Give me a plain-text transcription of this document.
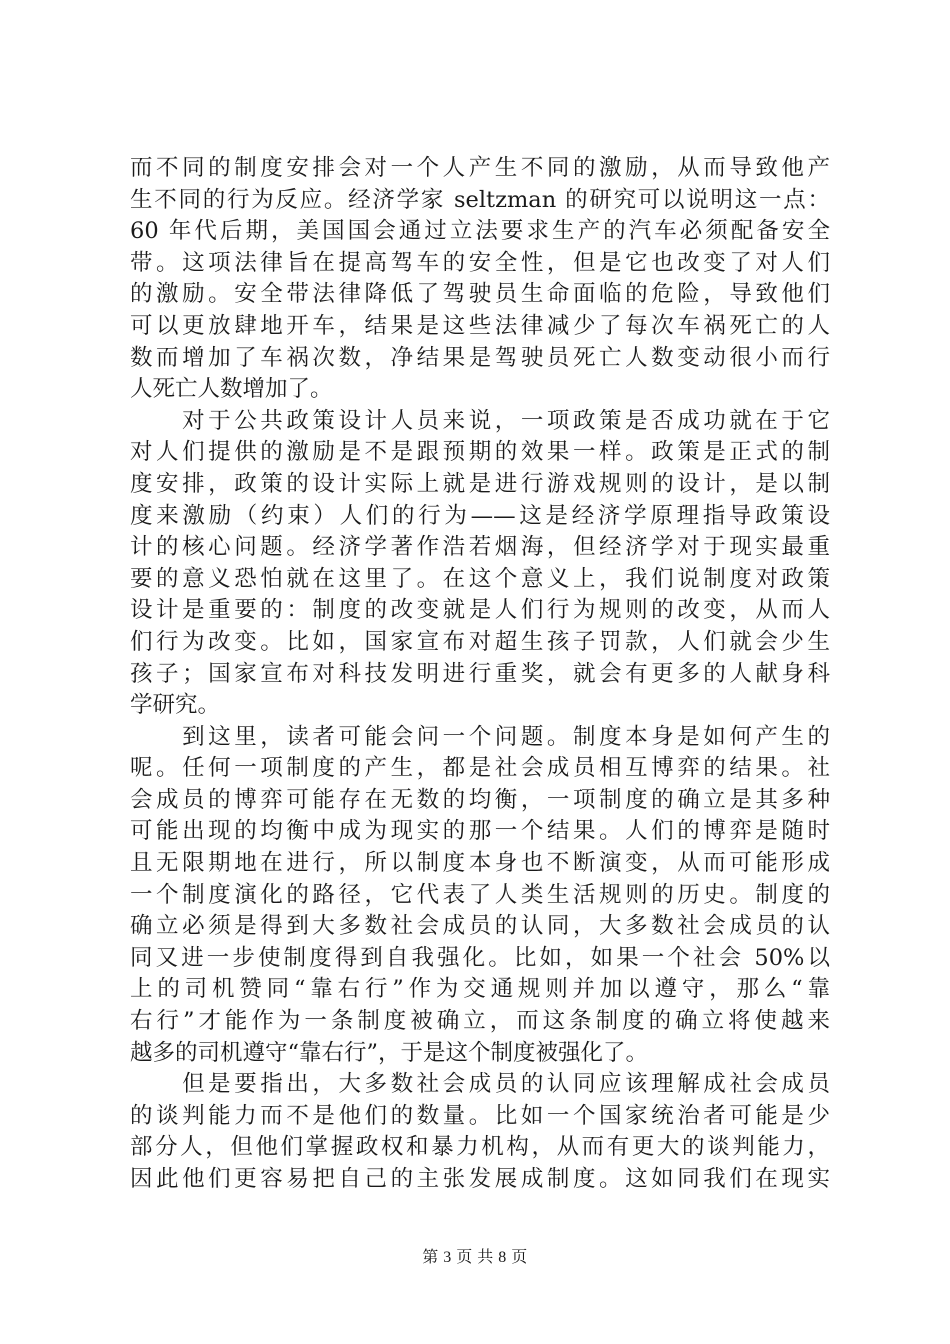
而不同的制度安排会对一个人产生不同的激励，从而导致他产
生不同的行为反应。经济学家 seltzman 的研究可以说明这一点：
60 年代后期，美国国会通过立法要求生产的汽车必须配备安全
带。这项法律旨在提高驾车的安全性，但是它也改变了对人们
的激励。安全带法律降低了驾驶员生命面临的危险，导致他们
可以更放肆地开车，结果是这些法律减少了每次车祸死亡的人
数而增加了车祸次数，净结果是驾驶员死亡人数变动很小而行
人死亡人数增加了。
　　对于公共政策设计人员来说，一项政策是否成功就在于它
对人们提供的激励是不是跟预期的效果一样。政策是正式的制
度安排，政策的设计实际上就是进行游戏规则的设计，是以制
度来激励（约束）人们的行为——这是经济学原理指导政策设
计的核心问题。经济学著作浩若烟海，但经济学对于现实最重
要的意义恐怕就在这里了。在这个意义上，我们说制度对政策
设计是重要的：制度的改变就是人们行为规则的改变，从而人
们行为改变。比如，国家宣布对超生孩子罚款，人们就会少生
孩子；国家宣布对科技发明进行重奖，就会有更多的人献身科
学研究。
　　到这里，读者可能会问一个问题。制度本身是如何产生的
呢。任何一项制度的产生，都是社会成员相互博弈的结果。社
会成员的博弈可能存在无数的均衡，一项制度的确立是其多种
可能出现的均衡中成为现实的那一个结果。人们的博弈是随时
且无限期地在进行，所以制度本身也不断演变，从而可能形成
一个制度演化的路径，它代表了人类生活规则的历史。制度的
确立必须是得到大多数社会成员的认同，大多数社会成员的认
同又进一步使制度得到自我强化。比如，如果一个社会 50%以
上的司机赞同“靠右行”作为交通规则并加以遵守，那么“靠
右行”才能作为一条制度被确立，而这条制度的确立将使越来
越多的司机遵守“靠右行”，于是这个制度被强化了。
　　但是要指出，大多数社会成员的认同应该理解成社会成员
的谈判能力而不是他们的数量。比如一个国家统治者可能是少
部分人，但他们掌握政权和暴力机构，从而有更大的谈判能力，
因此他们更容易把自己的主张发展成制度。这如同我们在现实
第 3 页 共 8 页
